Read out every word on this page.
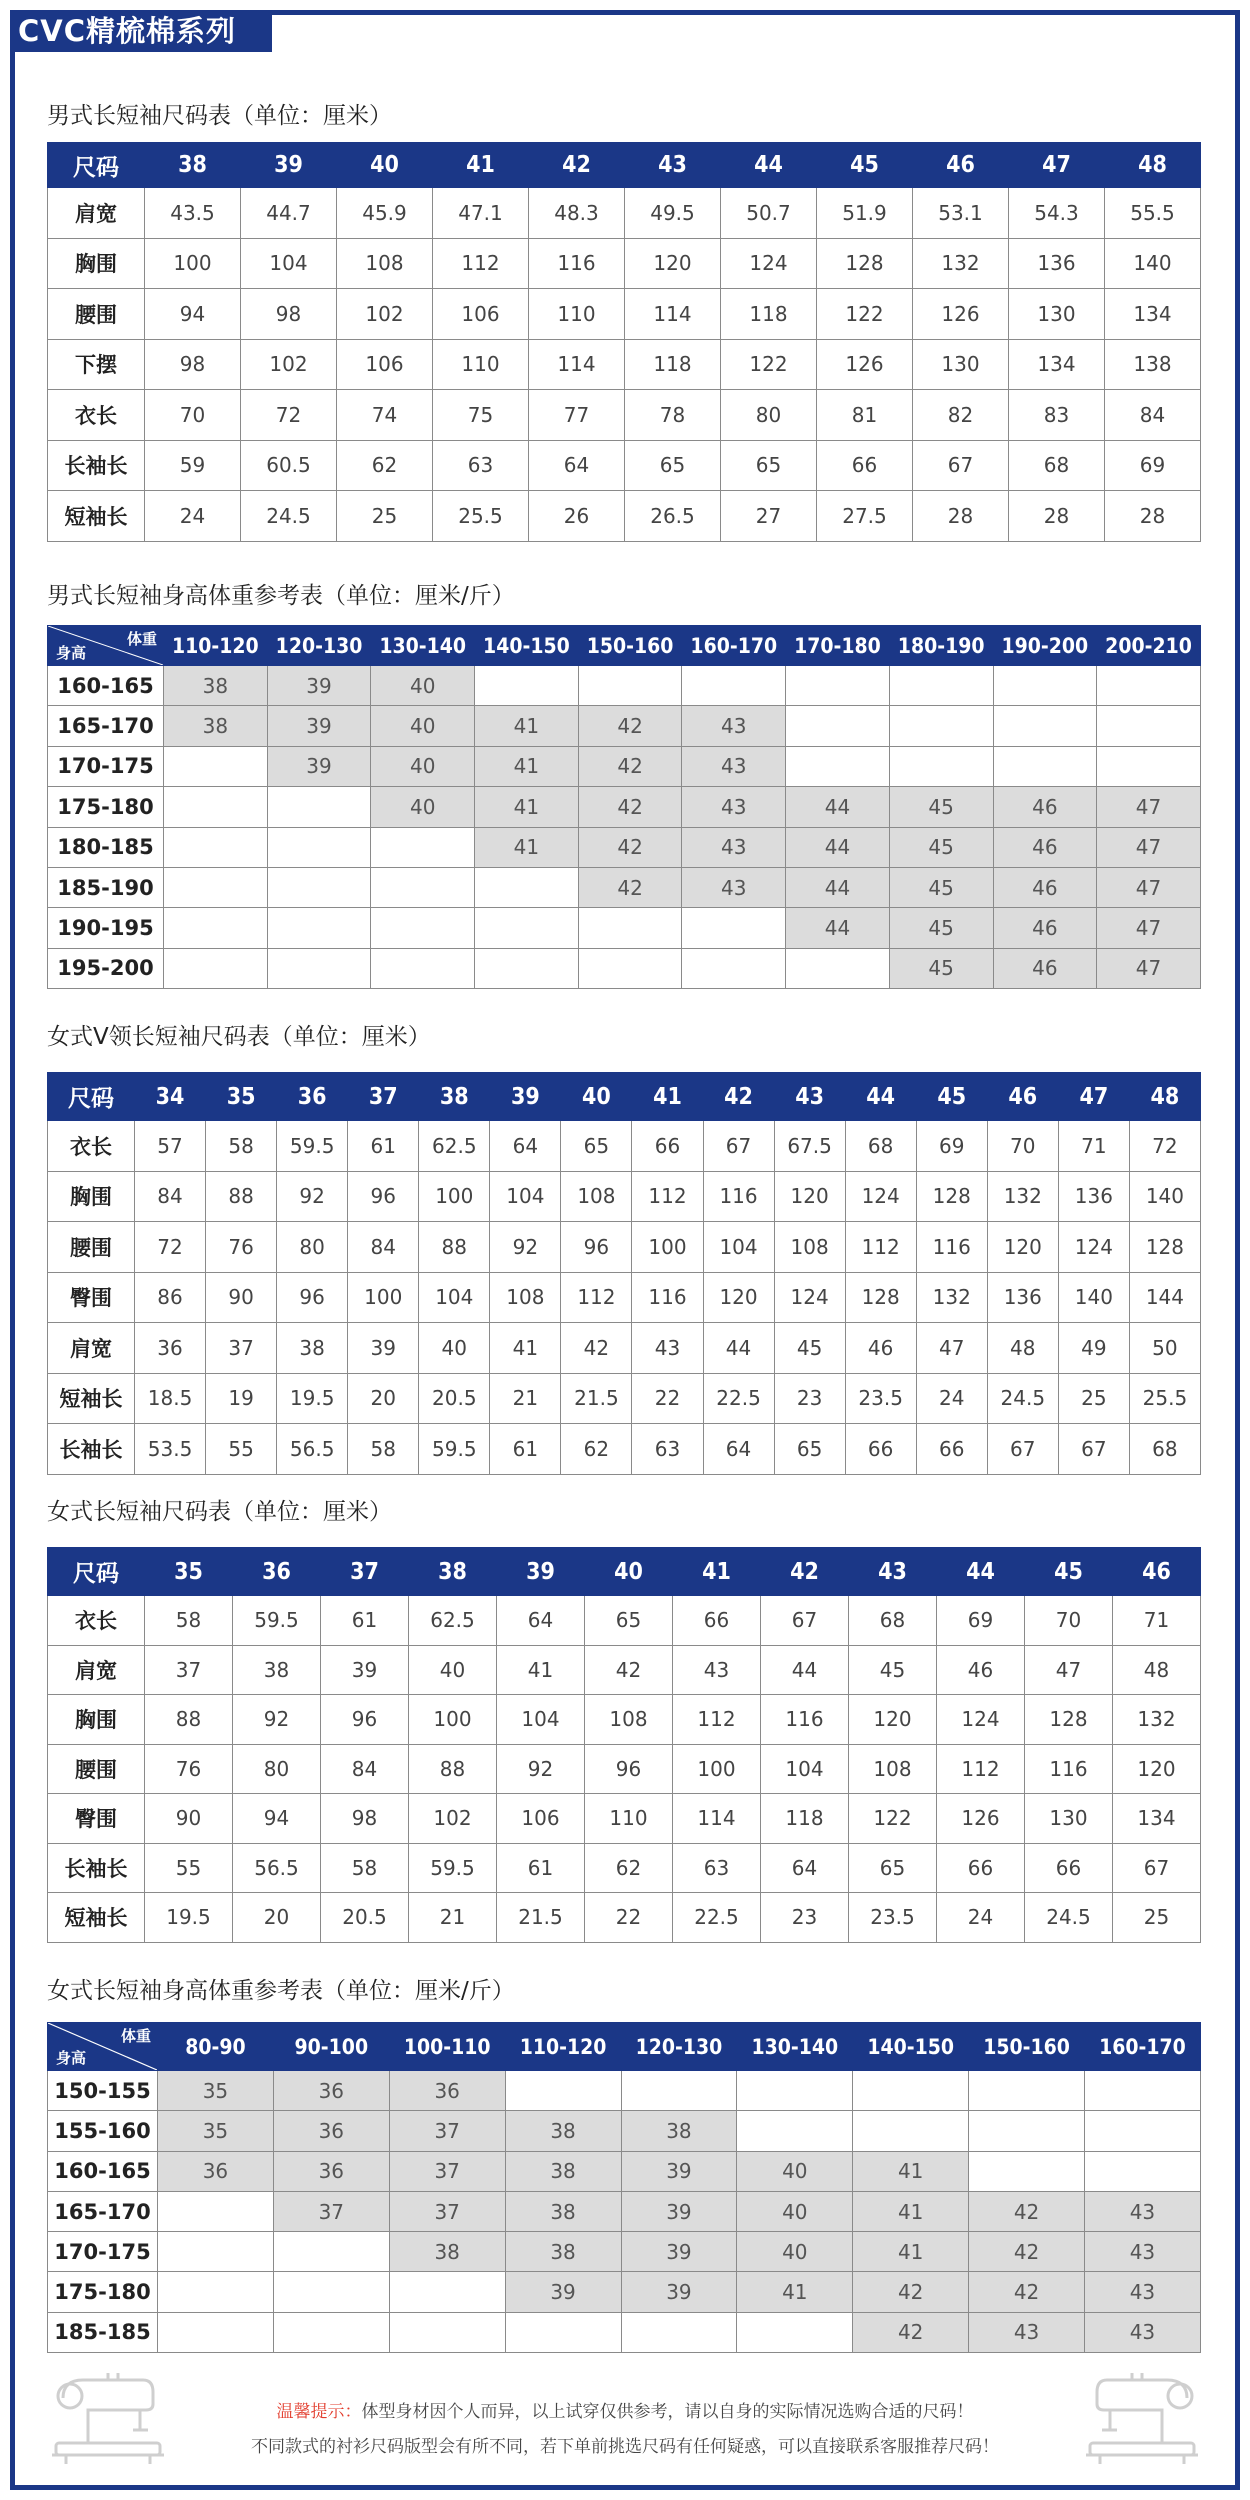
CVC精梳棉系列
男式长短袖尺码表（单位：厘米）
尺码	38	39	40	41	42	43	44	45	46	47	48
肩宽	43.5	44.7	45.9	47.1	48.3	49.5	50.7	51.9	53.1	54.3	55.5
胸围	100	104	108	112	116	120	124	128	132	136	140
腰围	94	98	102	106	110	114	118	122	126	130	134
下摆	98	102	106	110	114	118	122	126	130	134	138
衣长	70	72	74	75	77	78	80	81	82	83	84
长袖长	59	60.5	62	63	64	65	65	66	67	68	69
短袖长	24	24.5	25	25.5	26	26.5	27	27.5	28	28	28
男式长短袖身高体重参考表（单位：厘米/斤）
体重
身高	110-120	120-130	130-140	140-150	150-160	160-170	170-180	180-190	190-200	200-210
160-165	38	39	40							
165-170	38	39	40	41	42	43				
170-175		39	40	41	42	43				
175-180			40	41	42	43	44	45	46	47
180-185				41	42	43	44	45	46	47
185-190					42	43	44	45	46	47
190-195							44	45	46	47
195-200								45	46	47
女式V领长短袖尺码表（单位：厘米）
尺码	34	35	36	37	38	39	40	41	42	43	44	45	46	47	48
衣长	57	58	59.5	61	62.5	64	65	66	67	67.5	68	69	70	71	72
胸围	84	88	92	96	100	104	108	112	116	120	124	128	132	136	140
腰围	72	76	80	84	88	92	96	100	104	108	112	116	120	124	128
臀围	86	90	96	100	104	108	112	116	120	124	128	132	136	140	144
肩宽	36	37	38	39	40	41	42	43	44	45	46	47	48	49	50
短袖长	18.5	19	19.5	20	20.5	21	21.5	22	22.5	23	23.5	24	24.5	25	25.5
长袖长	53.5	55	56.5	58	59.5	61	62	63	64	65	66	66	67	67	68
女式长短袖尺码表（单位：厘米）
尺码	35	36	37	38	39	40	41	42	43	44	45	46
衣长	58	59.5	61	62.5	64	65	66	67	68	69	70	71
肩宽	37	38	39	40	41	42	43	44	45	46	47	48
胸围	88	92	96	100	104	108	112	116	120	124	128	132
腰围	76	80	84	88	92	96	100	104	108	112	116	120
臀围	90	94	98	102	106	110	114	118	122	126	130	134
长袖长	55	56.5	58	59.5	61	62	63	64	65	66	66	67
短袖长	19.5	20	20.5	21	21.5	22	22.5	23	23.5	24	24.5	25
女式长短袖身高体重参考表（单位：厘米/斤）
体重
身高	80-90	90-100	100-110	110-120	120-130	130-140	140-150	150-160	160-170
150-155	35	36	36						
155-160	35	36	37	38	38				
160-165	36	36	37	38	39	40	41		
165-170		37	37	38	39	40	41	42	43
170-175			38	38	39	40	41	42	43
175-180				39	39	41	42	42	43
185-185							42	43	43
温馨提示：体型身材因个人而异，以上试穿仅供参考，请以自身的实际情况选购合适的尺码！
不同款式的衬衫尺码版型会有所不同，若下单前挑选尺码有任何疑惑，可以直接联系客服推荐尺码！
